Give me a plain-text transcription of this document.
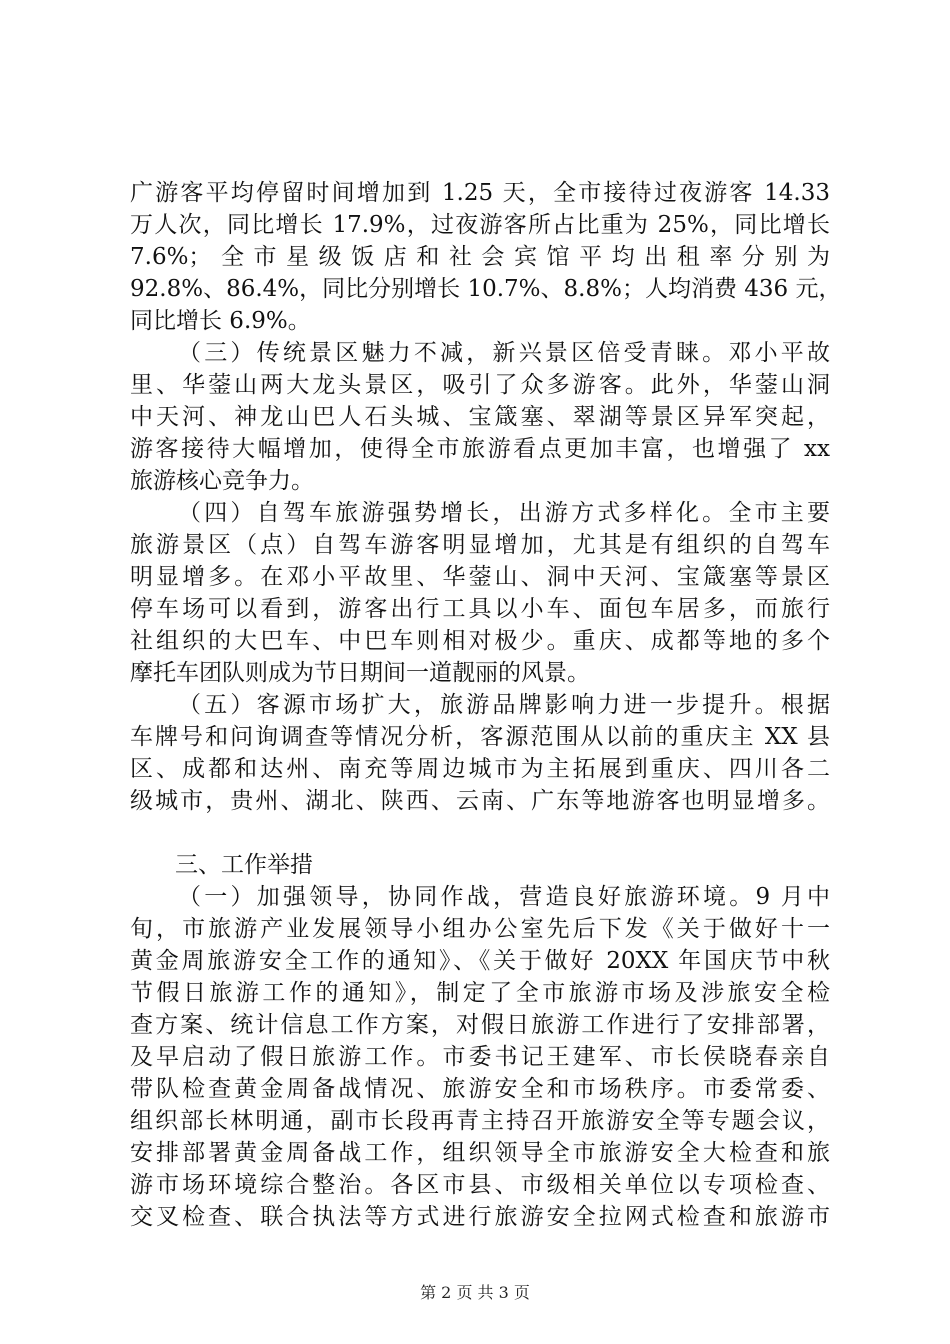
广游客平均停留时间增加到 1.25 天，全市接待过夜游客 14.33
万人次，同比增长 17.9%，过夜游客所占比重为 25%，同比增长
7.6%；全市星级饭店和社会宾馆平均出租率分别为
92.8%、86.4%，同比分别增长 10.7%、8.8%；人均消费 436 元，
同比增长 6.9%。
（三）传统景区魅力不减，新兴景区倍受青睐。邓小平故
里、华蓥山两大龙头景区，吸引了众多游客。此外，华蓥山洞
中天河、神龙山巴人石头城、宝箴塞、翠湖等景区异军突起，
游客接待大幅增加，使得全市旅游看点更加丰富，也增强了 xx
旅游核心竞争力。
（四）自驾车旅游强势增长，出游方式多样化。全市主要
旅游景区（点）自驾车游客明显增加，尤其是有组织的自驾车
明显增多。在邓小平故里、华蓥山、洞中天河、宝箴塞等景区
停车场可以看到，游客出行工具以小车、面包车居多，而旅行
社组织的大巴车、中巴车则相对极少。重庆、成都等地的多个
摩托车团队则成为节日期间一道靓丽的风景。
（五）客源市场扩大，旅游品牌影响力进一步提升。根据
车牌号和问询调查等情况分析，客源范围从以前的重庆主 XX 县
区、成都和达州、南充等周边城市为主拓展到重庆、四川各二
级城市，贵州、湖北、陕西、云南、广东等地游客也明显增多。
三、工作举措
（一）加强领导，协同作战，营造良好旅游环境。9 月中
旬，市旅游产业发展领导小组办公室先后下发《关于做好十一
黄金周旅游安全工作的通知》、《关于做好 20XX 年国庆节中秋
节假日旅游工作的通知》，制定了全市旅游市场及涉旅安全检
查方案、统计信息工作方案，对假日旅游工作进行了安排部署，
及早启动了假日旅游工作。市委书记王建军、市长侯晓春亲自
带队检查黄金周备战情况、旅游安全和市场秩序。市委常委、
组织部长林明通，副市长段再青主持召开旅游安全等专题会议，
安排部署黄金周备战工作，组织领导全市旅游安全大检查和旅
游市场环境综合整治。各区市县、市级相关单位以专项检查、
交叉检查、联合执法等方式进行旅游安全拉网式检查和旅游市
第 2 页 共 3 页
